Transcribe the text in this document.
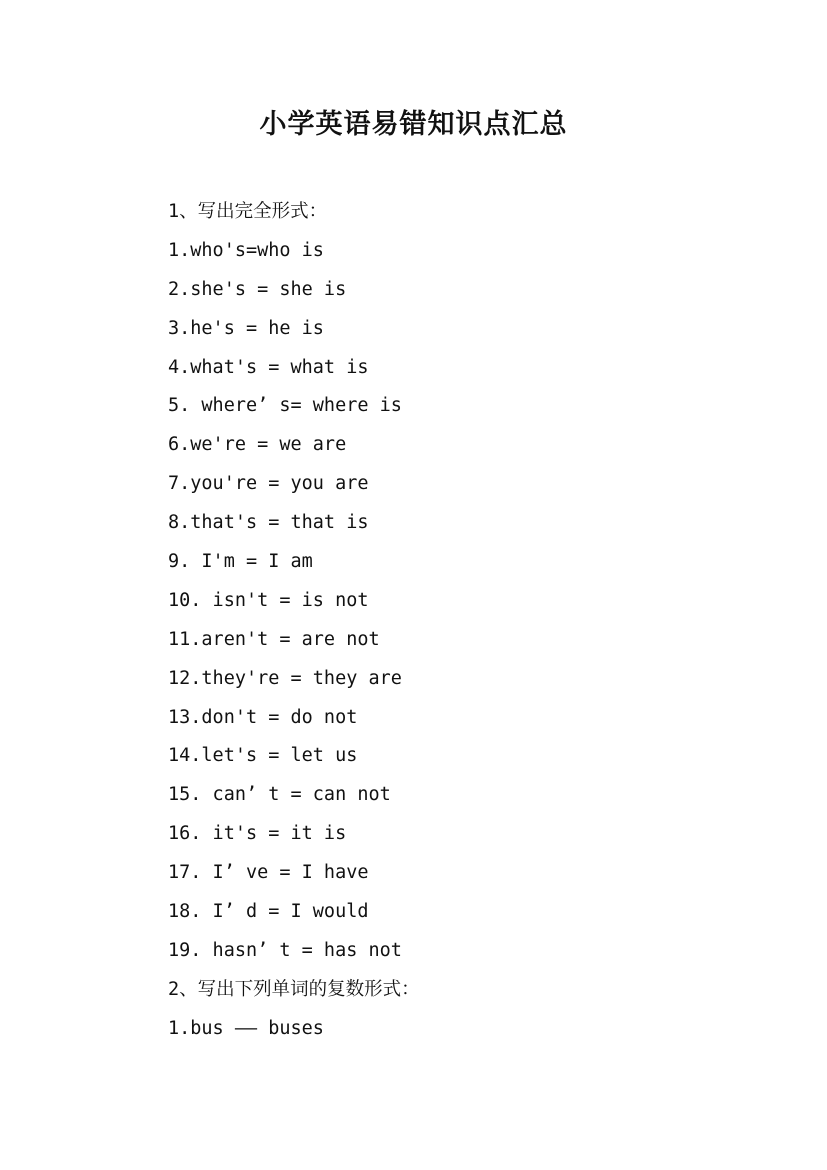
小学英语易错知识点汇总
1、写出完全形式：
1.who's=who is
2.she's = she is
3.he's = he is
4.what's = what is
5. where’ s= where is
6.we're = we are
7.you're = you are
8.that's = that is
9. I'm = I am
10. isn't = is not
11.aren't = are not
12.they're = they are
13.don't = do not
14.let's = let us
15. can’ t = can not
16. it's = it is
17. I’ ve = I have
18. I’ d = I would
19. hasn’ t = has not
2、写出下列单词的复数形式：
1.bus —— buses
